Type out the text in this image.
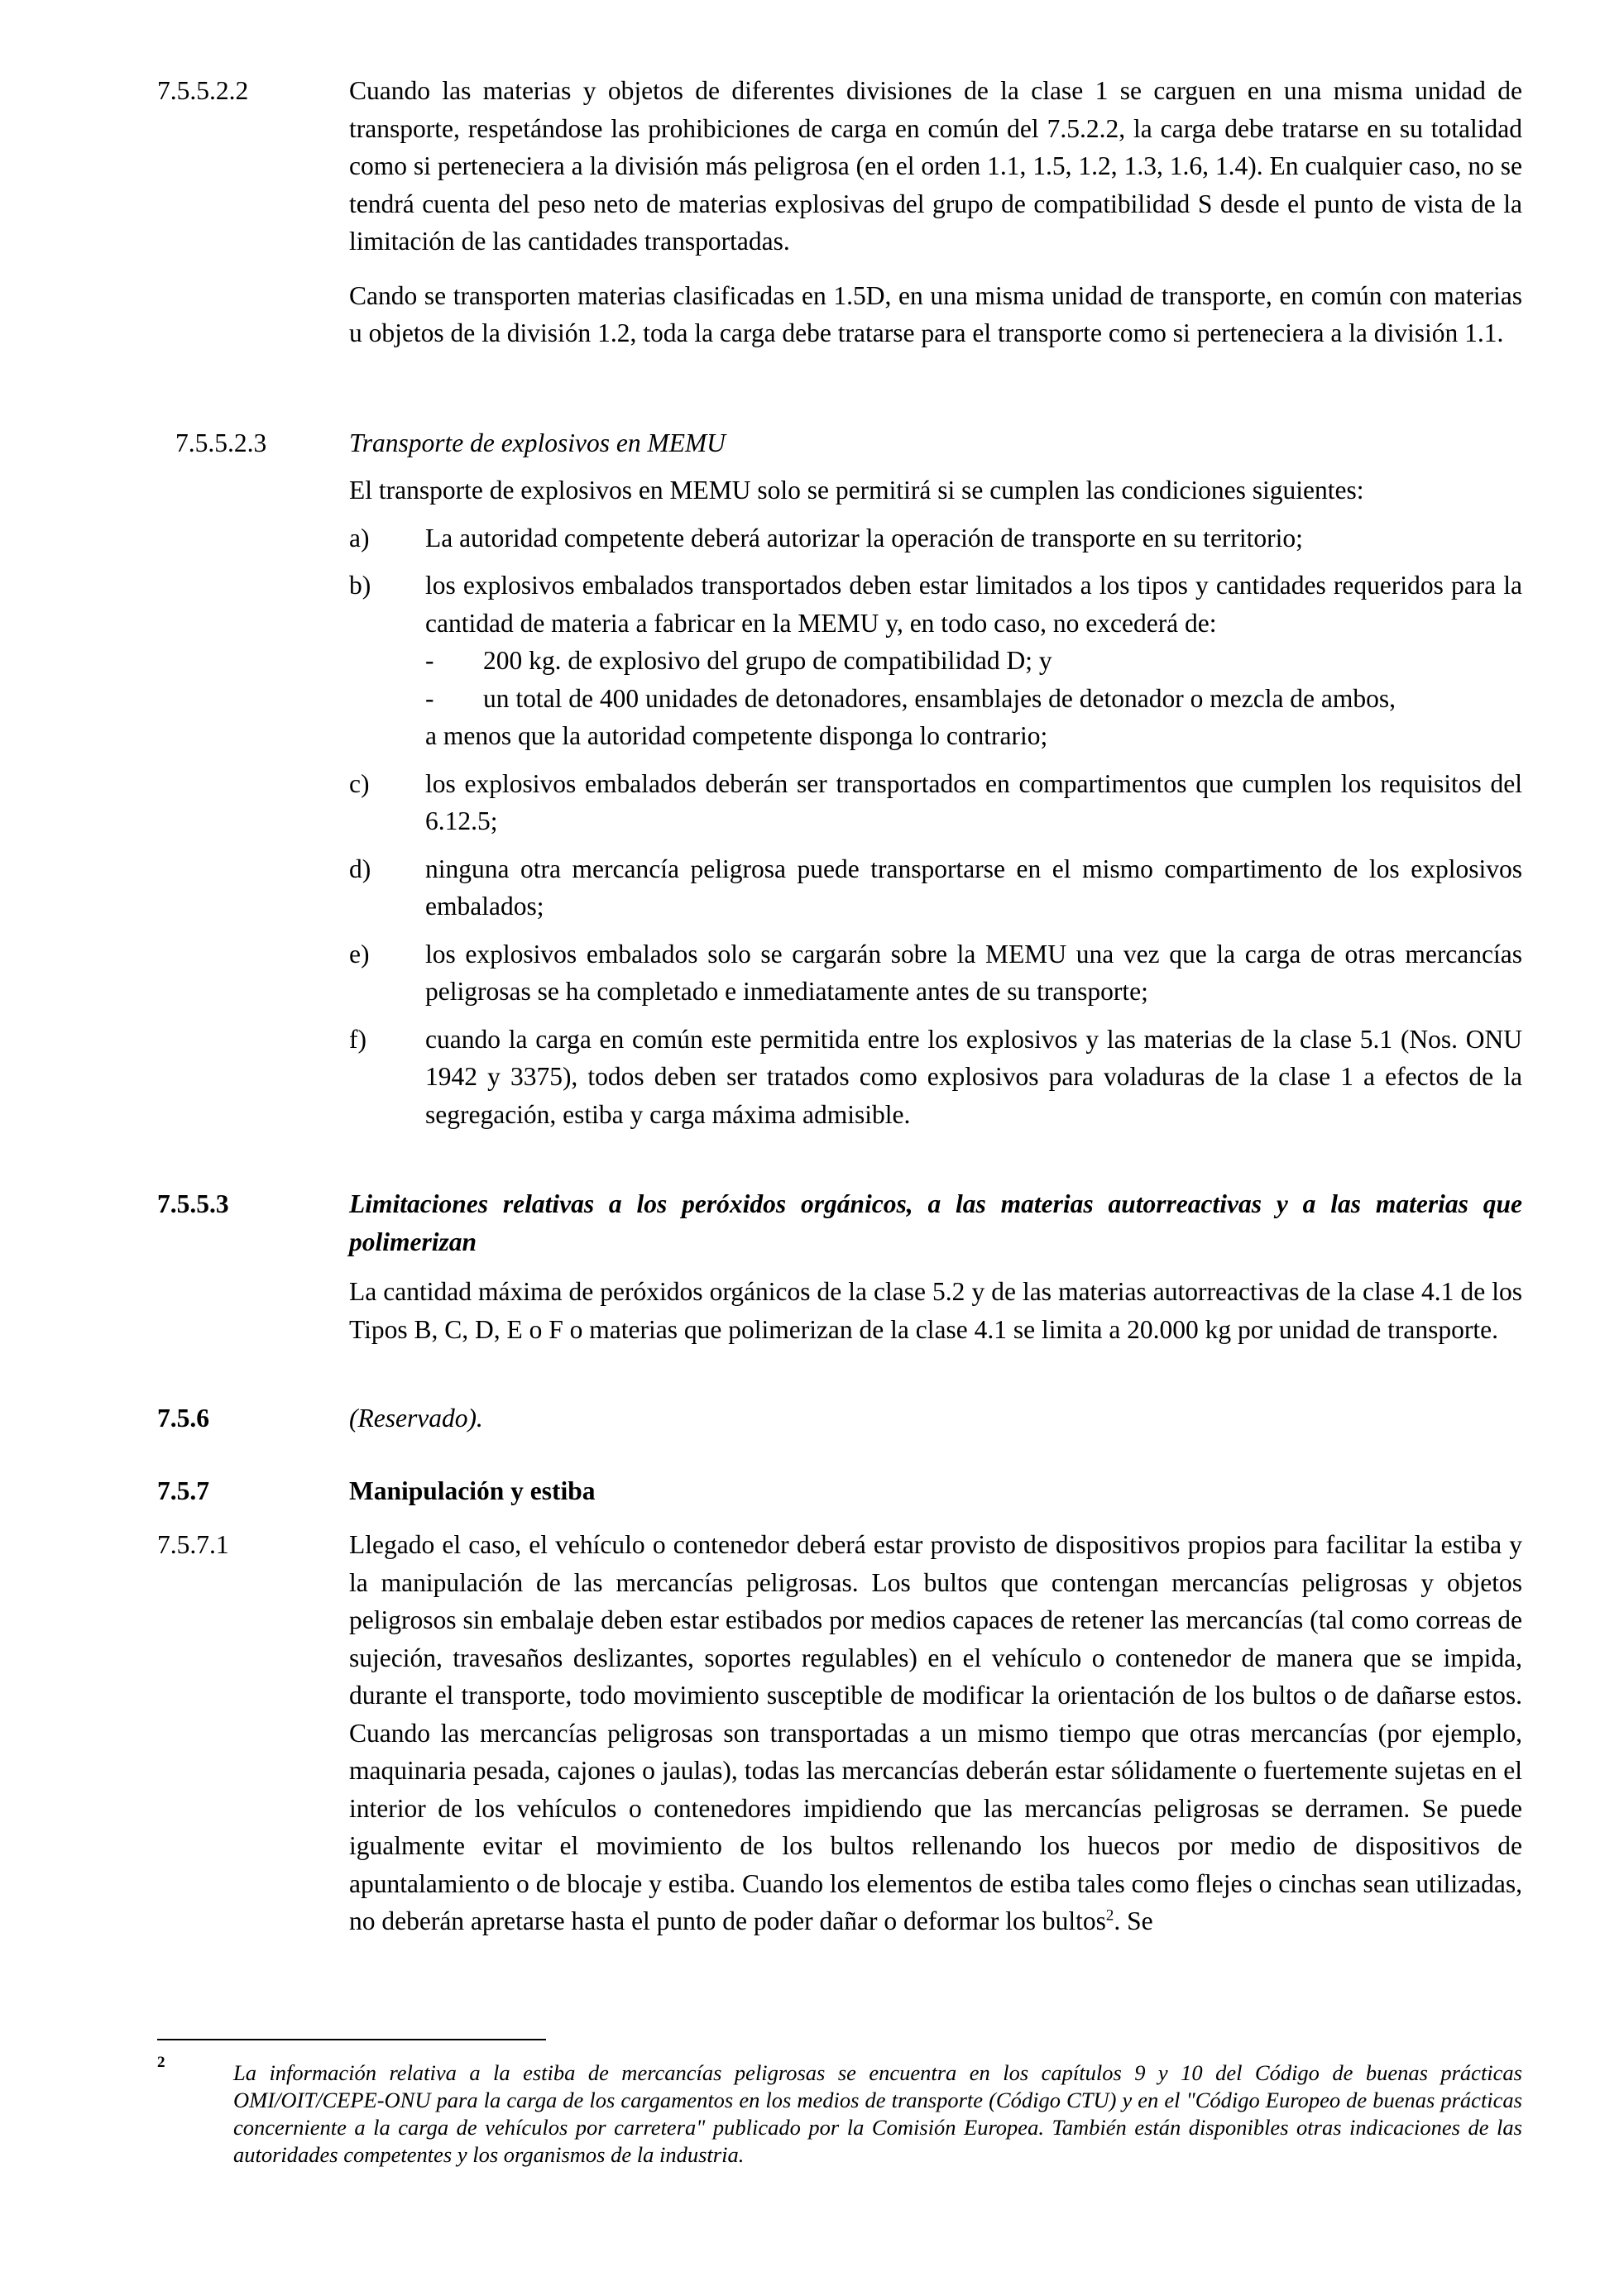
7.5.5.2.2	Cuando las materias y objetos de diferentes divisiones de la clase 1 se carguen en una misma unidad de transporte, respetándose las prohibiciones de carga en común del 7.5.2.2, la carga debe tratarse en su totalidad como si perteneciera a la división más peligrosa (en el orden 1.1, 1.5, 1.2, 1.3, 1.6, 1.4). En cualquier caso, no se tendrá cuenta del peso neto de materias explosivas del grupo de compatibilidad S desde el punto de vista de la limitación de las cantidades transportadas.

Cando se transporten materias clasificadas en 1.5D, en una misma unidad de transporte, en común con materias u objetos de la división 1.2, toda la carga debe tratarse para el transporte como si perteneciera a la división 1.1.

7.5.5.2.3	Transporte de explosivos en MEMU

El transporte de explosivos en MEMU solo se permitirá si se cumplen las condiciones siguientes:

a) La autoridad competente deberá autorizar la operación de transporte en su territorio;
b) los explosivos embalados transportados deben estar limitados a los tipos y cantidades requeridos para la cantidad de materia a fabricar en la MEMU y, en todo caso, no excederá de:
- 200 kg. de explosivo del grupo de compatibilidad D; y
- un total de 400 unidades de detonadores, ensamblajes de detonador o mezcla de ambos,
a menos que la autoridad competente disponga lo contrario;
c) los explosivos embalados deberán ser transportados en compartimentos que cumplen los requisitos del 6.12.5;
d) ninguna otra mercancía peligrosa puede transportarse en el mismo compartimento de los explosivos embalados;
e) los explosivos embalados solo se cargarán sobre la MEMU una vez que la carga de otras mercancías peligrosas se ha completado e inmediatamente antes de su transporte;
f) cuando la carga en común este permitida entre los explosivos y las materias de la clase 5.1 (Nos. ONU 1942 y 3375), todos deben ser tratados como explosivos para voladuras de la clase 1 a efectos de la segregación, estiba y carga máxima admisible.
7.5.5.3	Limitaciones relativas a los peróxidos orgánicos, a las materias autorreactivas y a las materias que polimerizan
La cantidad máxima de peróxidos orgánicos de la clase 5.2 y de las materias autorreactivas de la clase 4.1 de los Tipos B, C, D, E o F o materias que polimerizan de la clase 4.1 se limita a 20.000 kg por unidad de transporte.
7.5.6	(Reservado).
7.5.7	Manipulación y estiba
7.5.7.1	Llegado el caso, el vehículo o contenedor deberá estar provisto de dispositivos propios para facilitar la estiba y la manipulación de las mercancías peligrosas. Los bultos que contengan mercancías peligrosas y objetos peligrosos sin embalaje deben estar estibados por medios capaces de retener las mercancías (tal como correas de sujeción, travesaños deslizantes, soportes regulables) en el vehículo o contenedor de manera que se impida, durante el transporte, todo movimiento susceptible de modificar la orientación de los bultos o de dañarse estos. Cuando las mercancías peligrosas son transportadas a un mismo tiempo que otras mercancías (por ejemplo, maquinaria pesada, cajones o jaulas), todas las mercancías deberán estar sólidamente o fuertemente sujetas en el interior de los vehículos o contenedores impidiendo que las mercancías peligrosas se derramen. Se puede igualmente evitar el movimiento de los bultos rellenando los huecos por medio de dispositivos de apuntalamiento o de blocaje y estiba. Cuando los elementos de estiba tales como flejes o cinchas sean utilizadas, no deberán apretarse hasta el punto de poder dañar o deformar los bultos$^2$. Se
2	La información relativa a la estiba de mercancías peligrosas se encuentra en los capítulos 9 y 10 del Código de buenas prácticas OMI/OIT/CEPE-ONU para la carga de los cargamentos en los medios de transporte (Código CTU) y en el "Código Europeo de buenas prácticas concerniente a la carga de vehículos por carretera" publicado por la Comisión Europea. También están disponibles otras indicaciones de las autoridades competentes y los organismos de la industria.
